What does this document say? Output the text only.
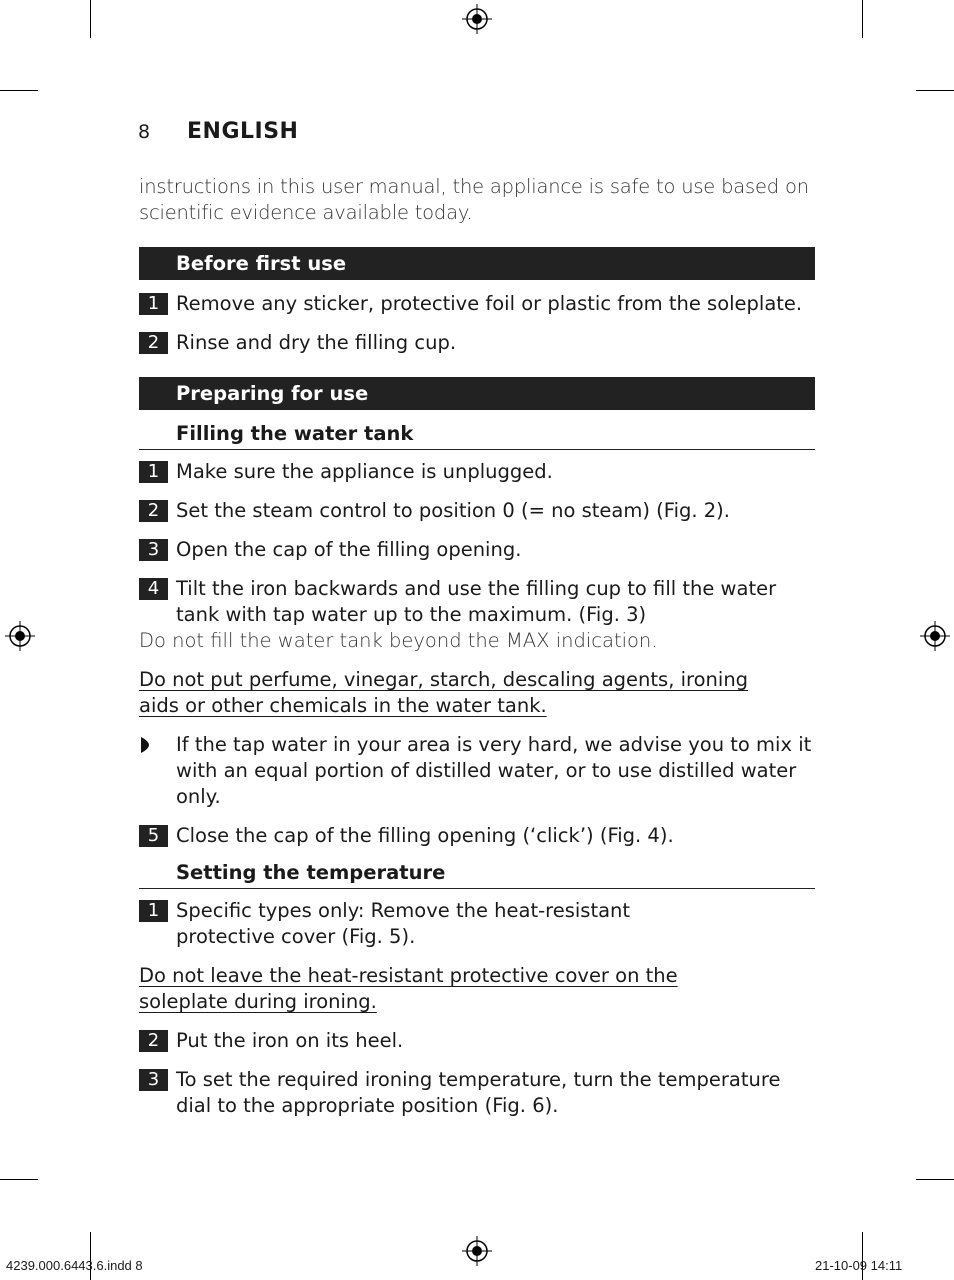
8 ENGLISH
instructions in this user manual, the appliance is safe to use based on scientific evidence available today.
Before first use
1 Remove any sticker, protective foil or plastic from the soleplate.
2 Rinse and dry the filling cup.
Preparing for use
Filling the water tank
1 Make sure the appliance is unplugged.
2 Set the steam control to position 0 (= no steam) (Fig. 2).
3 Open the cap of the filling opening.
4 Tilt the iron backwards and use the filling cup to fill the water tank with tap water up to the maximum. (Fig. 3)
Do not fill the water tank beyond the MAX indication.
Do not put perfume, vinegar, starch, descaling agents, ironing aids or other chemicals in the water tank.
If the tap water in your area is very hard, we advise you to mix it with an equal portion of distilled water, or to use distilled water only.
5 Close the cap of the filling opening (‘click’) (Fig. 4).
Setting the temperature
1 Specific types only: Remove the heat-resistant protective cover (Fig. 5).
Do not leave the heat-resistant protective cover on the soleplate during ironing.
2 Put the iron on its heel.
3 To set the required ironing temperature, turn the temperature dial to the appropriate position (Fig. 6).
4239.000.6443.6.indd 8	21-10-09 14:11
